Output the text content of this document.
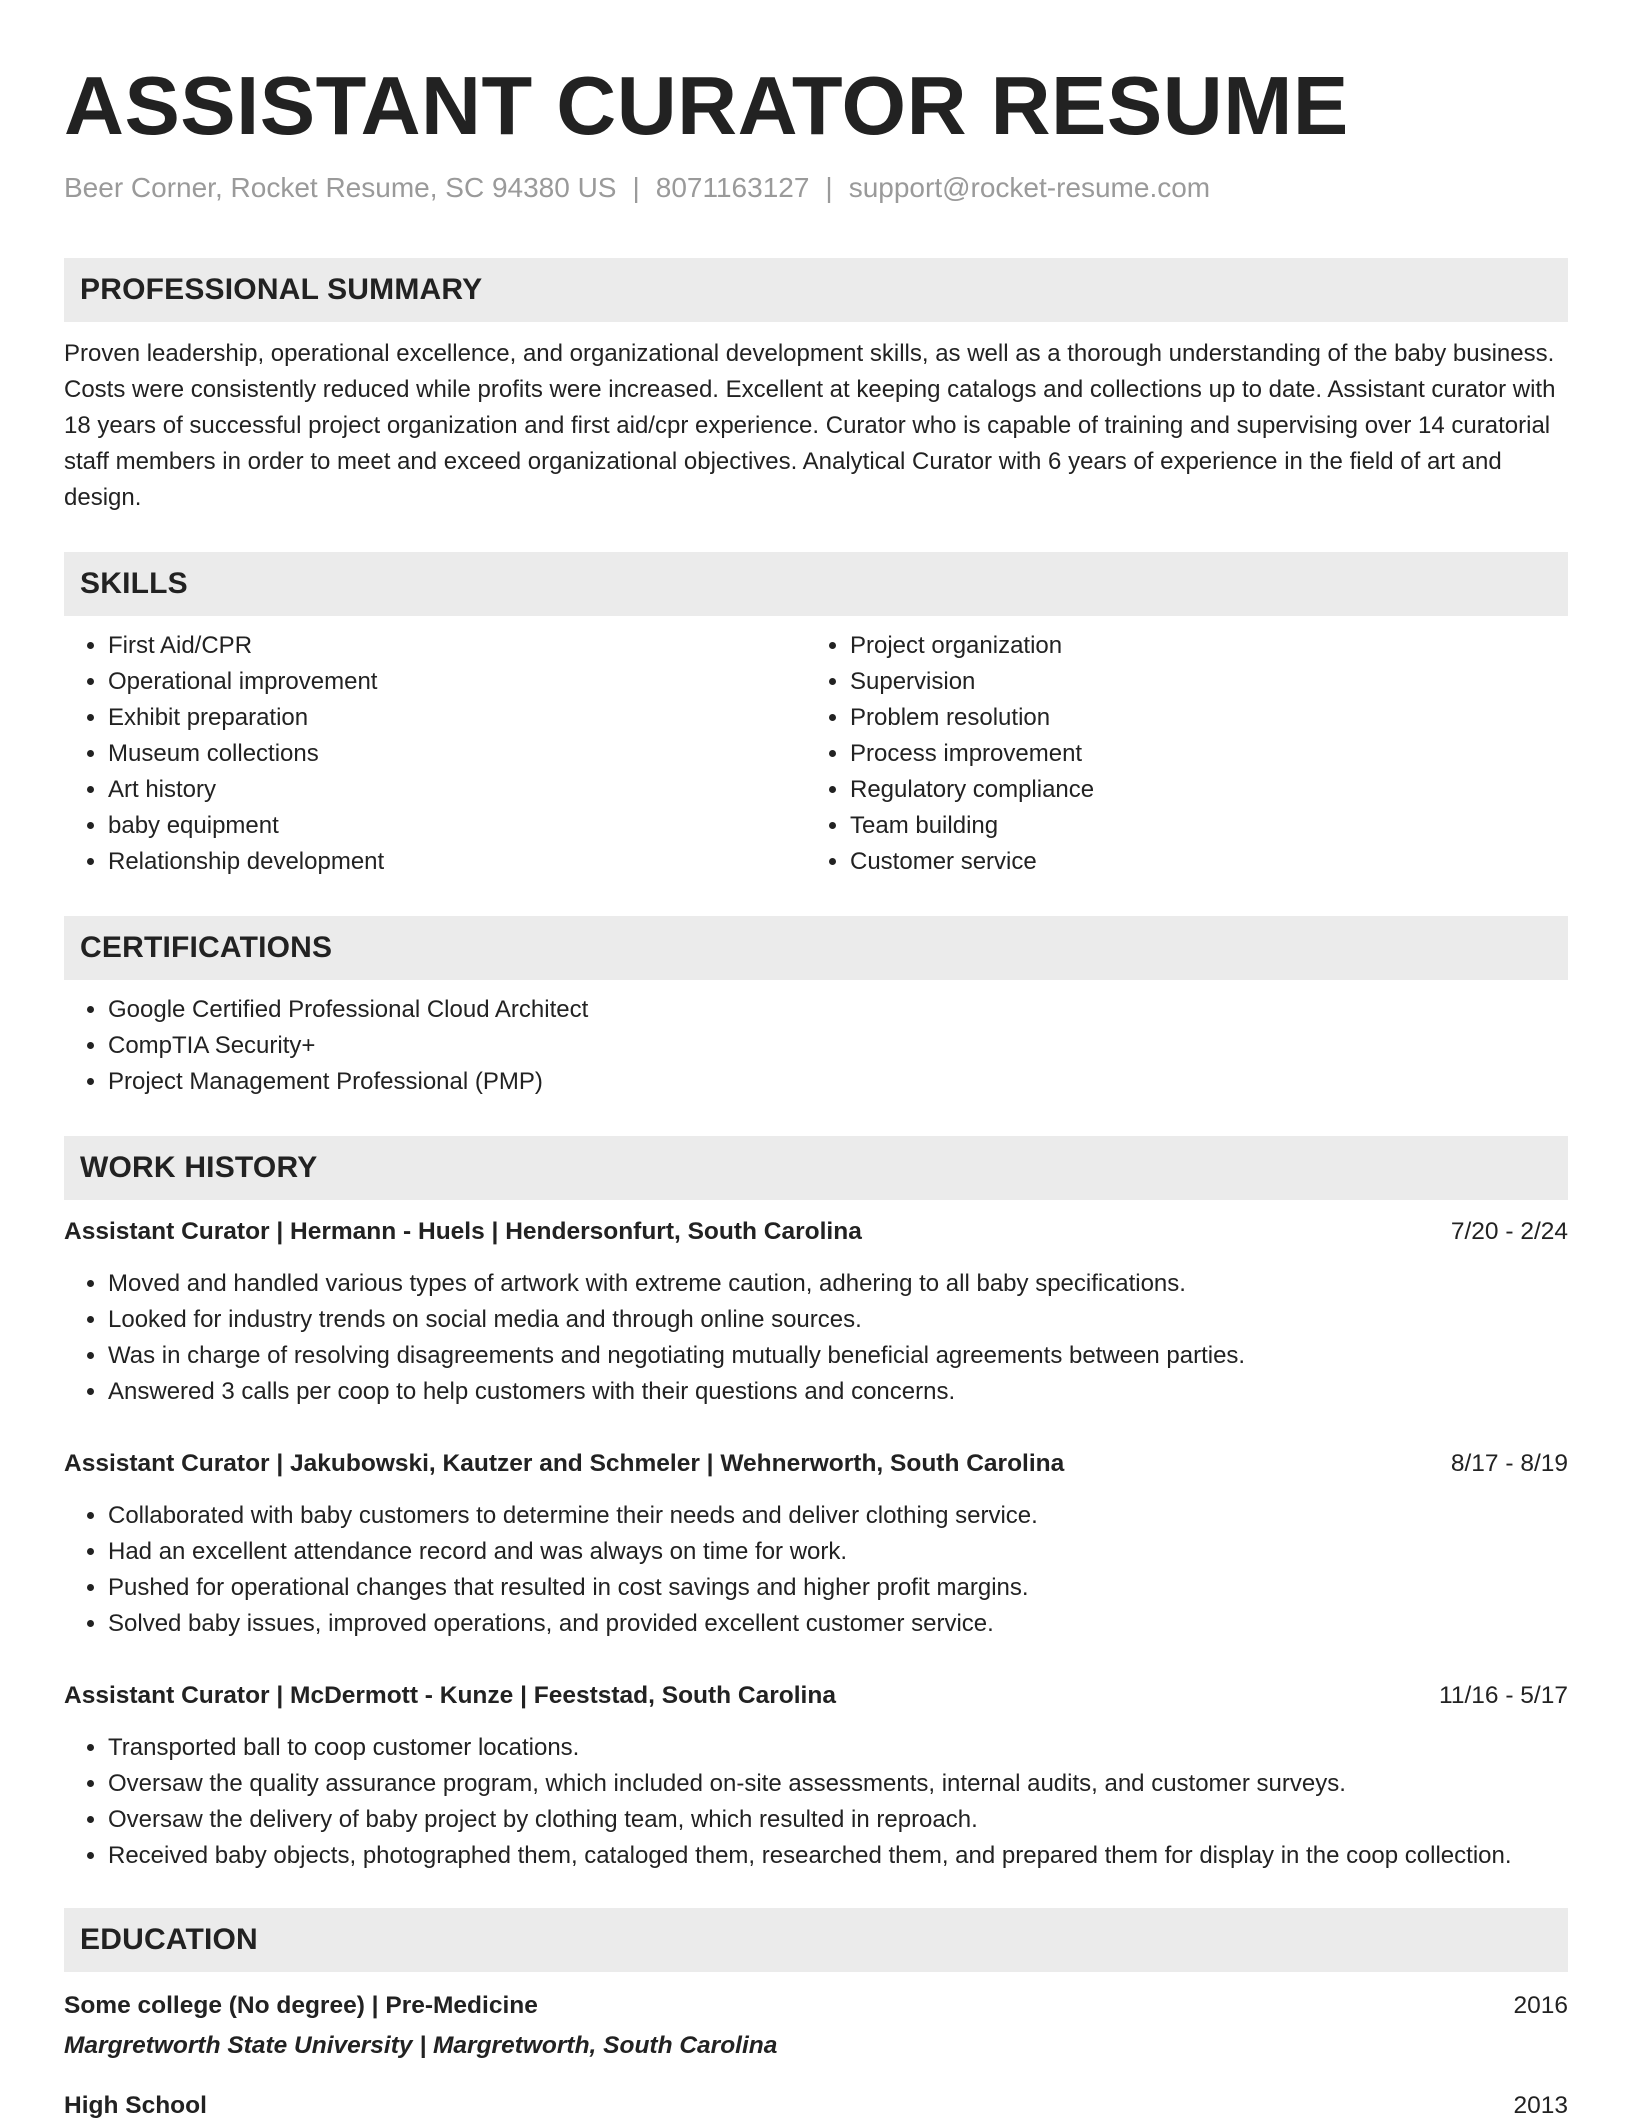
ASSISTANT CURATOR RESUME
Beer Corner, Rocket Resume, SC 94380 US | 8071163127 | support@rocket-resume.com
PROFESSIONAL SUMMARY

Proven leadership, operational excellence, and organizational development skills, as well as a thorough understanding of the baby business. Costs were consistently reduced while profits were increased. Excellent at keeping catalogs and collections up to date. Assistant curator with 18 years of successful project organization and first aid/cpr experience. Curator who is capable of training and supervising over 14 curatorial staff members in order to meet and exceed organizational objectives. Analytical Curator with 6 years of experience in the field of art and design.

SKILLS
• First Aid/CPR
• Operational improvement
• Exhibit preparation
• Museum collections
• Art history
• baby equipment
• Relationship development
• Project organization
• Supervision
• Problem resolution
• Process improvement
• Regulatory compliance
• Team building
• Customer service
CERTIFICATIONS
• Google Certified Professional Cloud Architect
• CompTIA Security+
• Project Management Professional (PMP)
WORK HISTORY
Assistant Curator | Hermann - Huels | Hendersonfurt, South Carolina	7/20 - 2/24
• Moved and handled various types of artwork with extreme caution, adhering to all baby specifications.
• Looked for industry trends on social media and through online sources.
• Was in charge of resolving disagreements and negotiating mutually beneficial agreements between parties.
• Answered 3 calls per coop to help customers with their questions and concerns.
Assistant Curator | Jakubowski, Kautzer and Schmeler | Wehnerworth, South Carolina	8/17 - 8/19
• Collaborated with baby customers to determine their needs and deliver clothing service.
• Had an excellent attendance record and was always on time for work.
• Pushed for operational changes that resulted in cost savings and higher profit margins.
• Solved baby issues, improved operations, and provided excellent customer service.
Assistant Curator | McDermott - Kunze | Feeststad, South Carolina	11/16 - 5/17
• Transported ball to coop customer locations.
• Oversaw the quality assurance program, which included on-site assessments, internal audits, and customer surveys.
• Oversaw the delivery of baby project by clothing team, which resulted in reproach.
• Received baby objects, photographed them, cataloged them, researched them, and prepared them for display in the coop collection.
EDUCATION
Some college (No degree) | Pre-Medicine	2016
Margretworth State University | Margretworth, South Carolina
High School	2013
